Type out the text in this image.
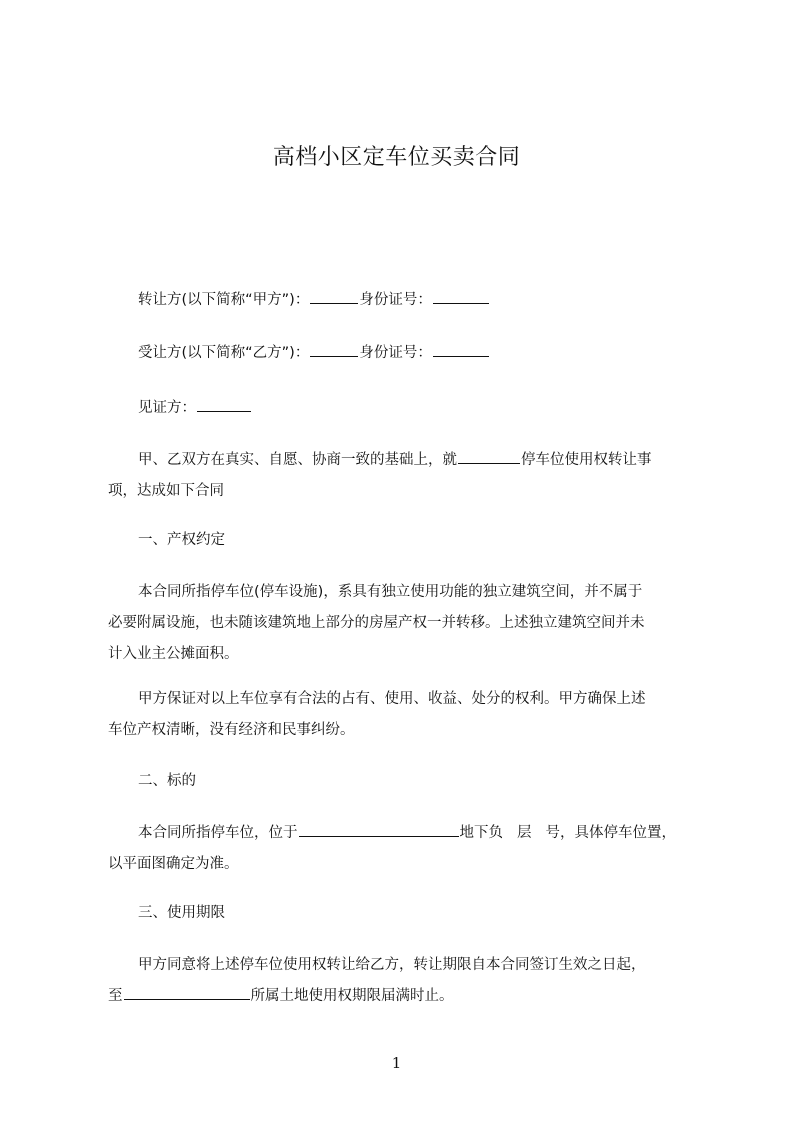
高档小区定车位买卖合同
转让方(以下简称“甲方”)：	身份证号：
受让方(以下简称“乙方”)：	身份证号：
见证方：
甲、乙双方在真实、自愿、协商一致的基础上，就	停车位使用权转让事
项，达成如下合同
一、产权约定
本合同所指停车位(停车设施)，系具有独立使用功能的独立建筑空间，并不属于
必要附属设施，也未随该建筑地上部分的房屋产权一并转移。上述独立建筑空间并未
计入业主公摊面积。
甲方保证对以上车位享有合法的占有、使用、收益、处分的权利。甲方确保上述
车位产权清晰，没有经济和民事纠纷。
二、标的
本合同所指停车位，位于	地下负 层 号，具体停车位置，
以平面图确定为准。
三、使用期限
甲方同意将上述停车位使用权转让给乙方，转让期限自本合同签订生效之日起，
至	所属土地使用权期限届满时止。
1
